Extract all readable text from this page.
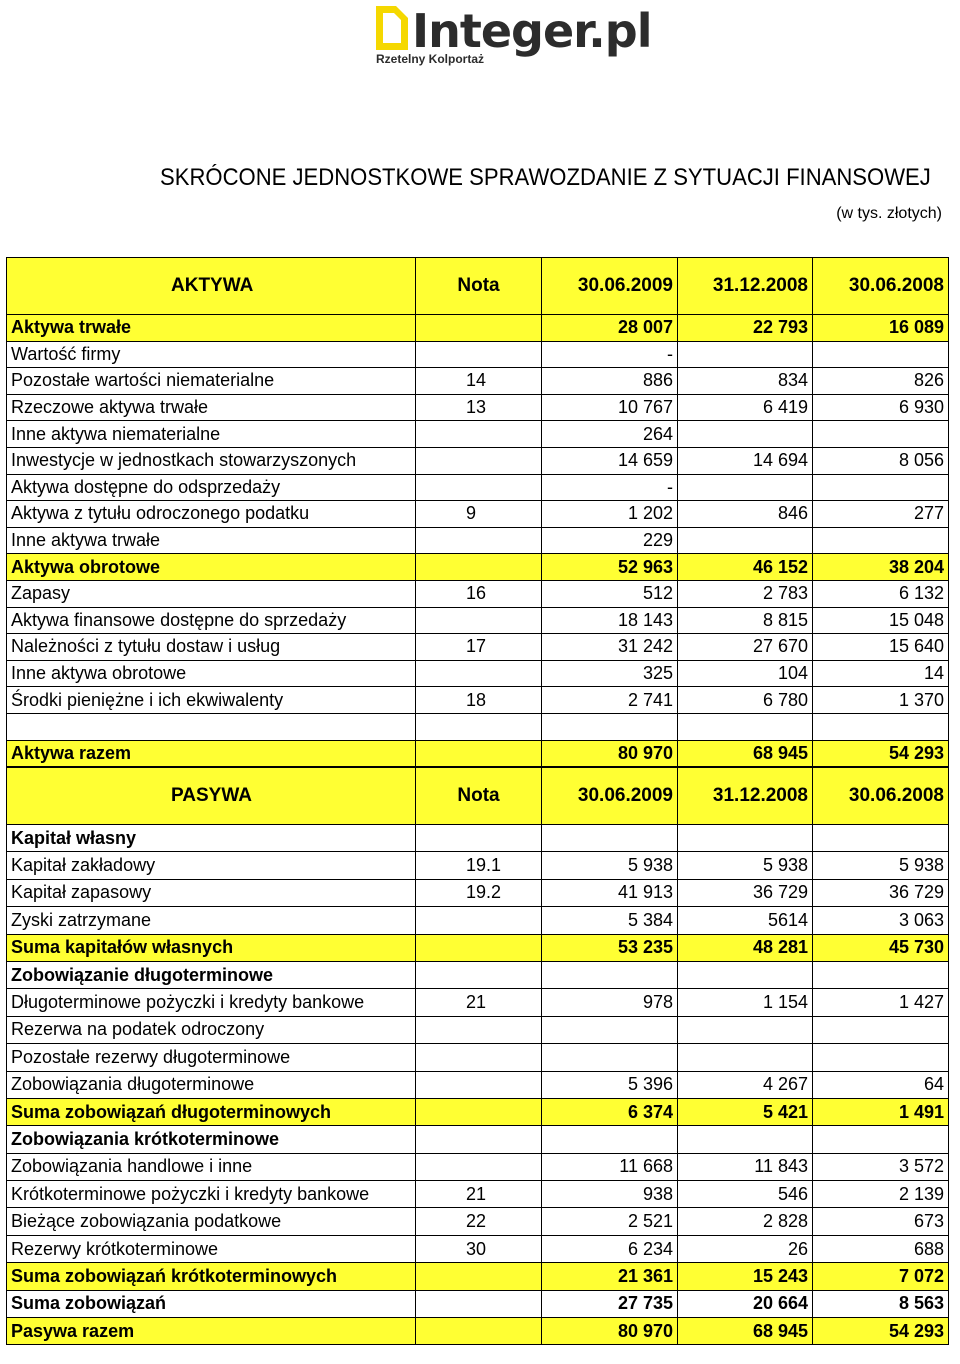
Integer.pl
Rzetelny Kolportaż
SKRÓCONE JEDNOSTKOWE SPRAWOZDANIE Z SYTUACJI FINANSOWEJ
(w tys. złotych)
AKTYWA	Nota	30.06.2009	31.12.2008	30.06.2008
Aktywa trwałe		28 007	22 793	16 089
Wartość firmy		-		
Pozostałe wartości niematerialne	14	886	834	826
Rzeczowe aktywa trwałe	13	10 767	6 419	6 930
Inne aktywa niematerialne		264		
Inwestycje w jednostkach stowarzyszonych		14 659	14 694	8 056
Aktywa dostępne do odsprzedaży		-		
Aktywa z tytułu odroczonego podatku	9	1 202	846	277
Inne aktywa trwałe		229		
Aktywa obrotowe		52 963	46 152	38 204
Zapasy	16	512	2 783	6 132
Aktywa finansowe dostępne do sprzedaży		18 143	8 815	15 048
Należności z tytułu dostaw i usług	17	31 242	27 670	15 640
Inne aktywa obrotowe		325	104	14
Środki pieniężne i ich ekwiwalenty	18	2 741	6 780	1 370

Aktywa razem		80 970	68 945	54 293
PASYWA	Nota	30.06.2009	31.12.2008	30.06.2008
Kapitał własny				
Kapitał zakładowy	19.1	5 938	5 938	5 938
Kapitał zapasowy	19.2	41 913	36 729	36 729
Zyski zatrzymane		5 384	5614	3 063
Suma kapitałów własnych		53 235	48 281	45 730
Zobowiązanie długoterminowe				
Długoterminowe pożyczki i kredyty bankowe	21	978	1 154	1 427
Rezerwa na podatek odroczony				
Pozostałe rezerwy długoterminowe				
Zobowiązania długoterminowe		5 396	4 267	64
Suma zobowiązań długoterminowych		6 374	5 421	1 491
Zobowiązania krótkoterminowe				
Zobowiązania handlowe i inne		11 668	11 843	3 572
Krótkoterminowe pożyczki i kredyty bankowe	21	938	546	2 139
Bieżące zobowiązania podatkowe	22	2 521	2 828	673
Rezerwy krótkoterminowe	30	6 234	26	688
Suma zobowiązań krótkoterminowych		21 361	15 243	7 072
Suma zobowiązań		27 735	20 664	8 563
Pasywa razem		80 970	68 945	54 293
